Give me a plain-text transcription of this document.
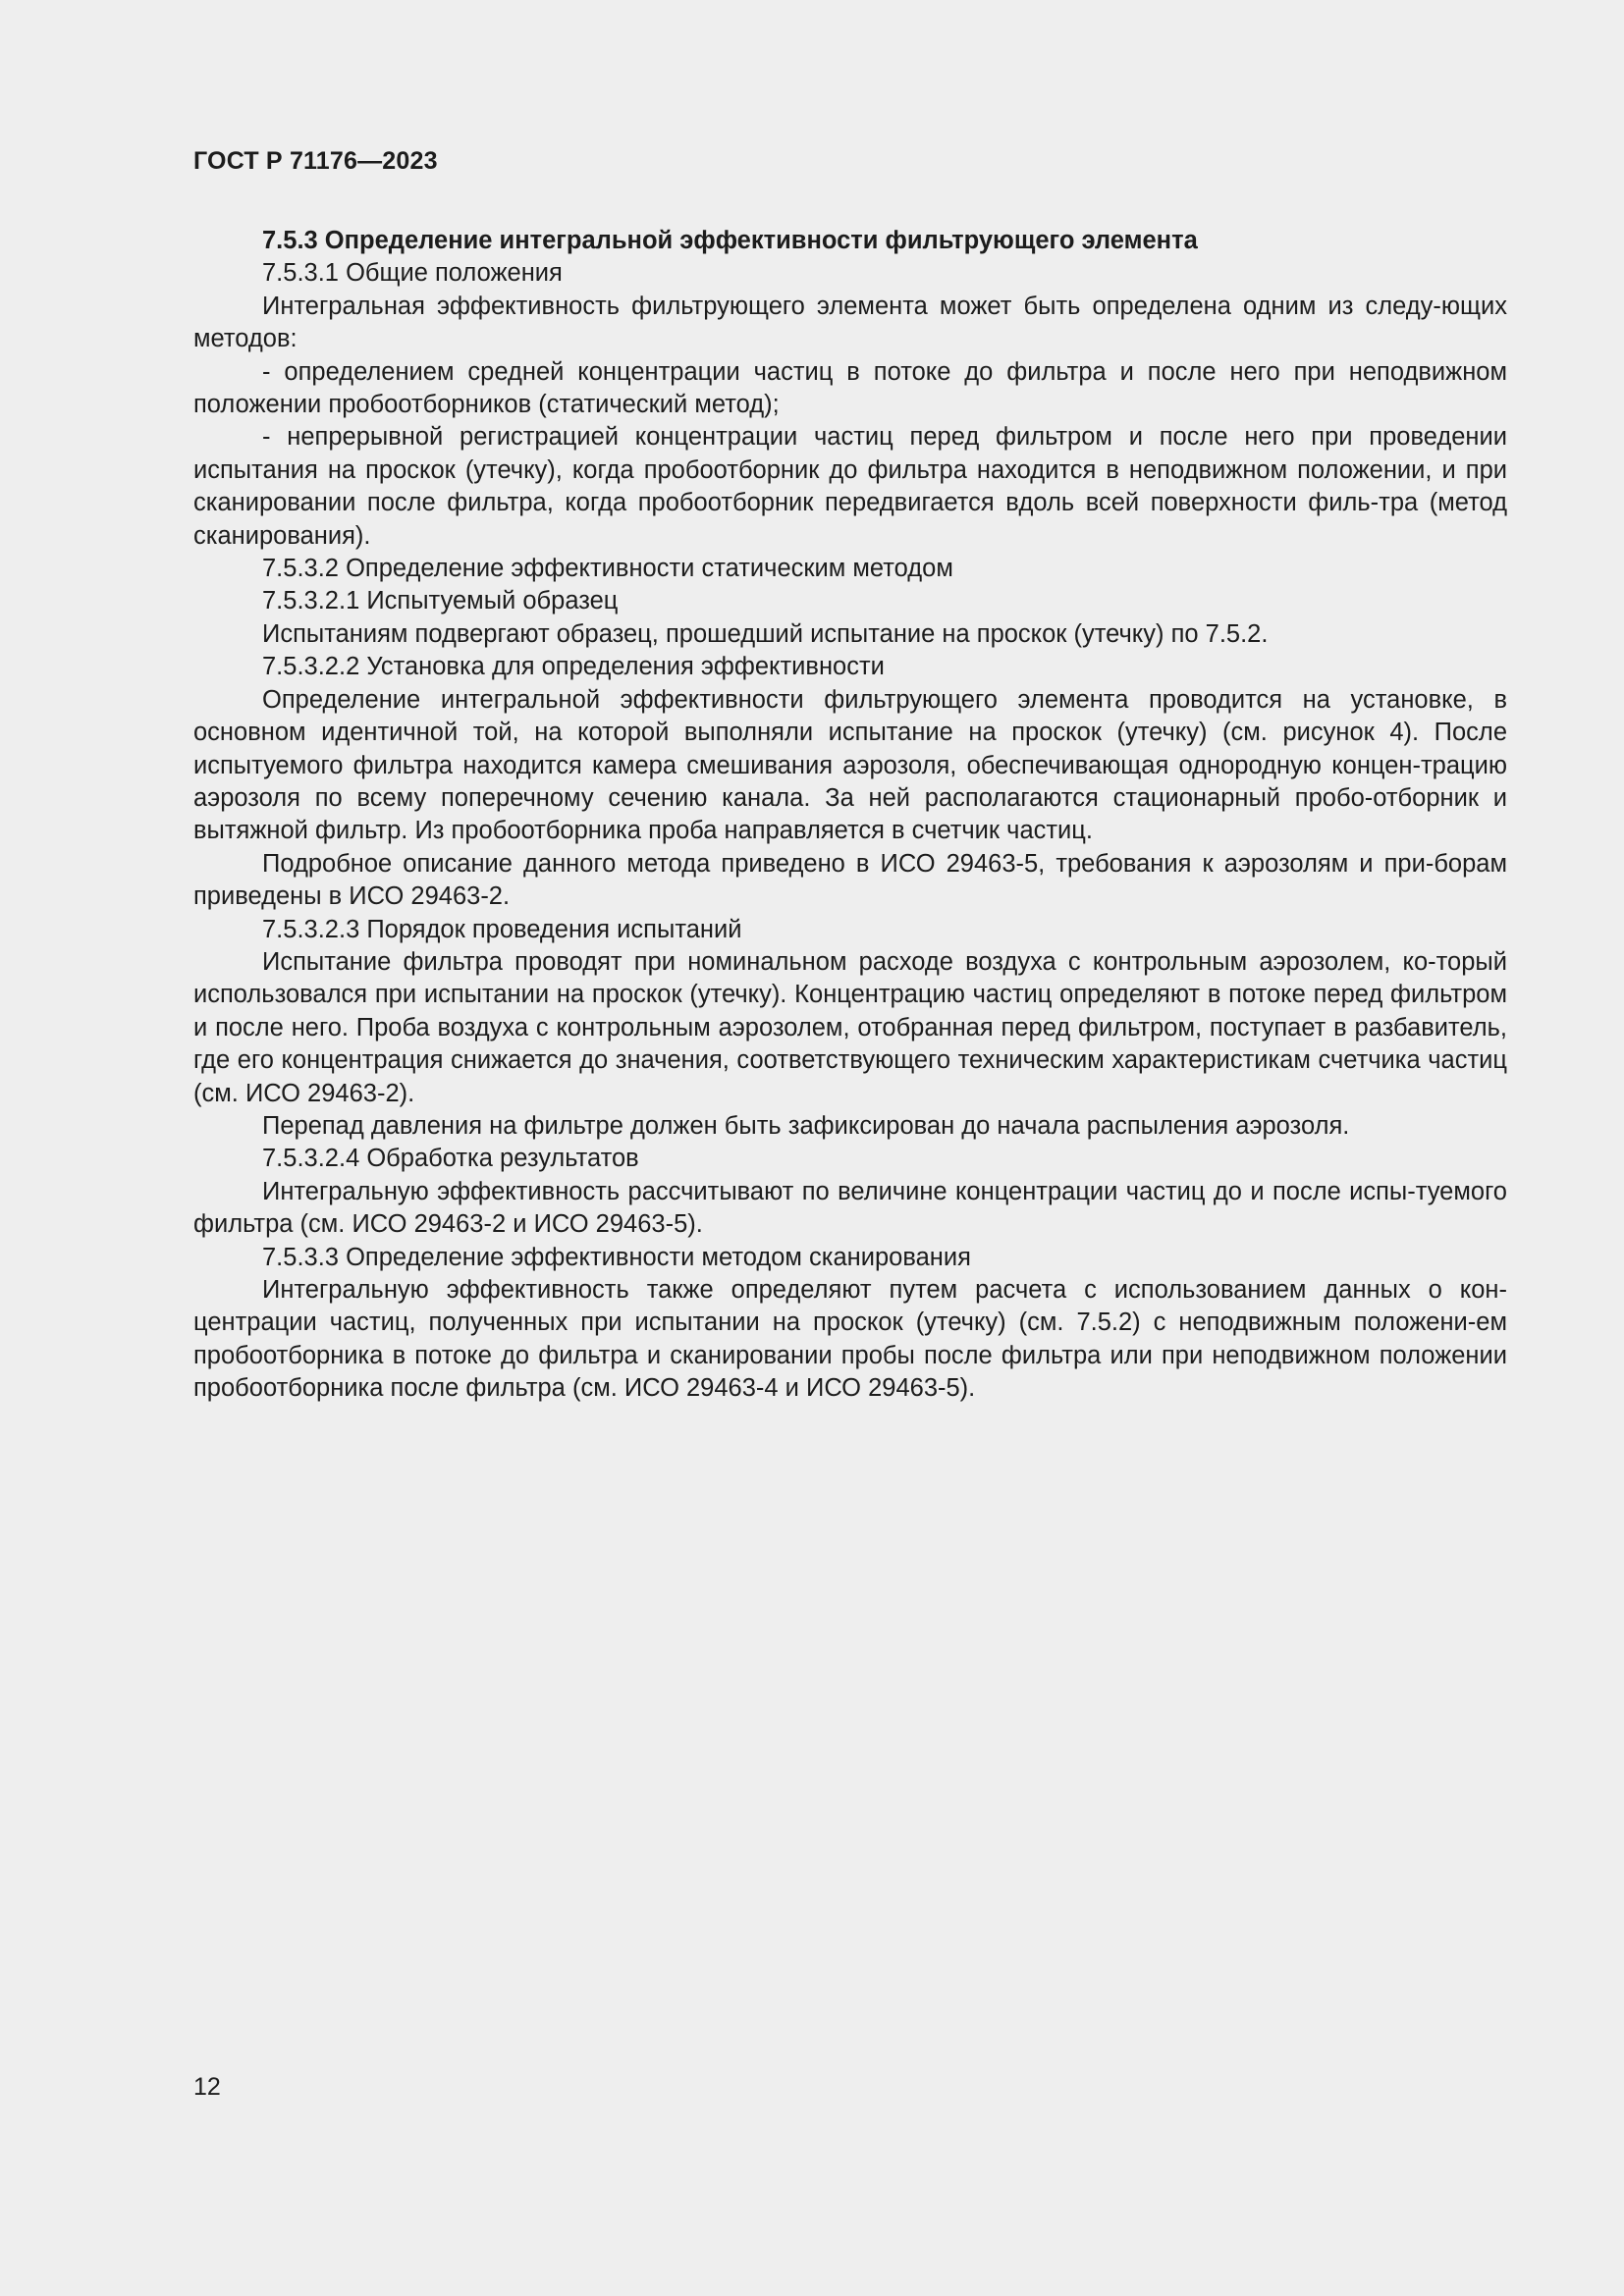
ГОСТ Р 71176—2023

7.5.3 Определение интегральной эффективности фильтрующего элемента

7.5.3.1 Общие положения

Интегральная эффективность фильтрующего элемента может быть определена одним из следу-ющих методов:

- определением средней концентрации частиц в потоке до фильтра и после него при неподвижном положении пробоотборников (статический метод);

- непрерывной регистрацией концентрации частиц перед фильтром и после него при проведении испытания на проскок (утечку), когда пробоотборник до фильтра находится в неподвижном положении, и при сканировании после фильтра, когда пробоотборник передвигается вдоль всей поверхности филь-тра (метод сканирования).

7.5.3.2 Определение эффективности статическим методом

7.5.3.2.1 Испытуемый образец

Испытаниям подвергают образец, прошедший испытание на проскок (утечку) по 7.5.2.

7.5.3.2.2 Установка для определения эффективности

Определение интегральной эффективности фильтрующего элемента проводится на установке, в основном идентичной той, на которой выполняли испытание на проскок (утечку) (см. рисунок 4). После испытуемого фильтра находится камера смешивания аэрозоля, обеспечивающая однородную концен-трацию аэрозоля по всему поперечному сечению канала. За ней располагаются стационарный пробо-отборник и вытяжной фильтр. Из пробоотборника проба направляется в счетчик частиц.

Подробное описание данного метода приведено в ИСО 29463-5, требования к аэрозолям и при-борам приведены в ИСО 29463-2.

7.5.3.2.3 Порядок проведения испытаний

Испытание фильтра проводят при номинальном расходе воздуха с контрольным аэрозолем, ко-торый использовался при испытании на проскок (утечку). Концентрацию частиц определяют в потоке перед фильтром и после него. Проба воздуха с контрольным аэрозолем, отобранная перед фильтром, поступает в разбавитель, где его концентрация снижается до значения, соответствующего техническим характеристикам счетчика частиц (см. ИСО 29463-2).

Перепад давления на фильтре должен быть зафиксирован до начала распыления аэрозоля.

7.5.3.2.4 Обработка результатов

Интегральную эффективность рассчитывают по величине концентрации частиц до и после испы-туемого фильтра (см. ИСО 29463-2 и ИСО 29463-5).

7.5.3.3 Определение эффективности методом сканирования

Интегральную эффективность также определяют путем расчета с использованием данных о кон-центрации частиц, полученных при испытании на проскок (утечку) (см. 7.5.2) с неподвижным положени-ем пробоотборника в потоке до фильтра и сканировании пробы после фильтра или при неподвижном положении пробоотборника после фильтра (см. ИСО 29463-4 и ИСО 29463-5).

12
